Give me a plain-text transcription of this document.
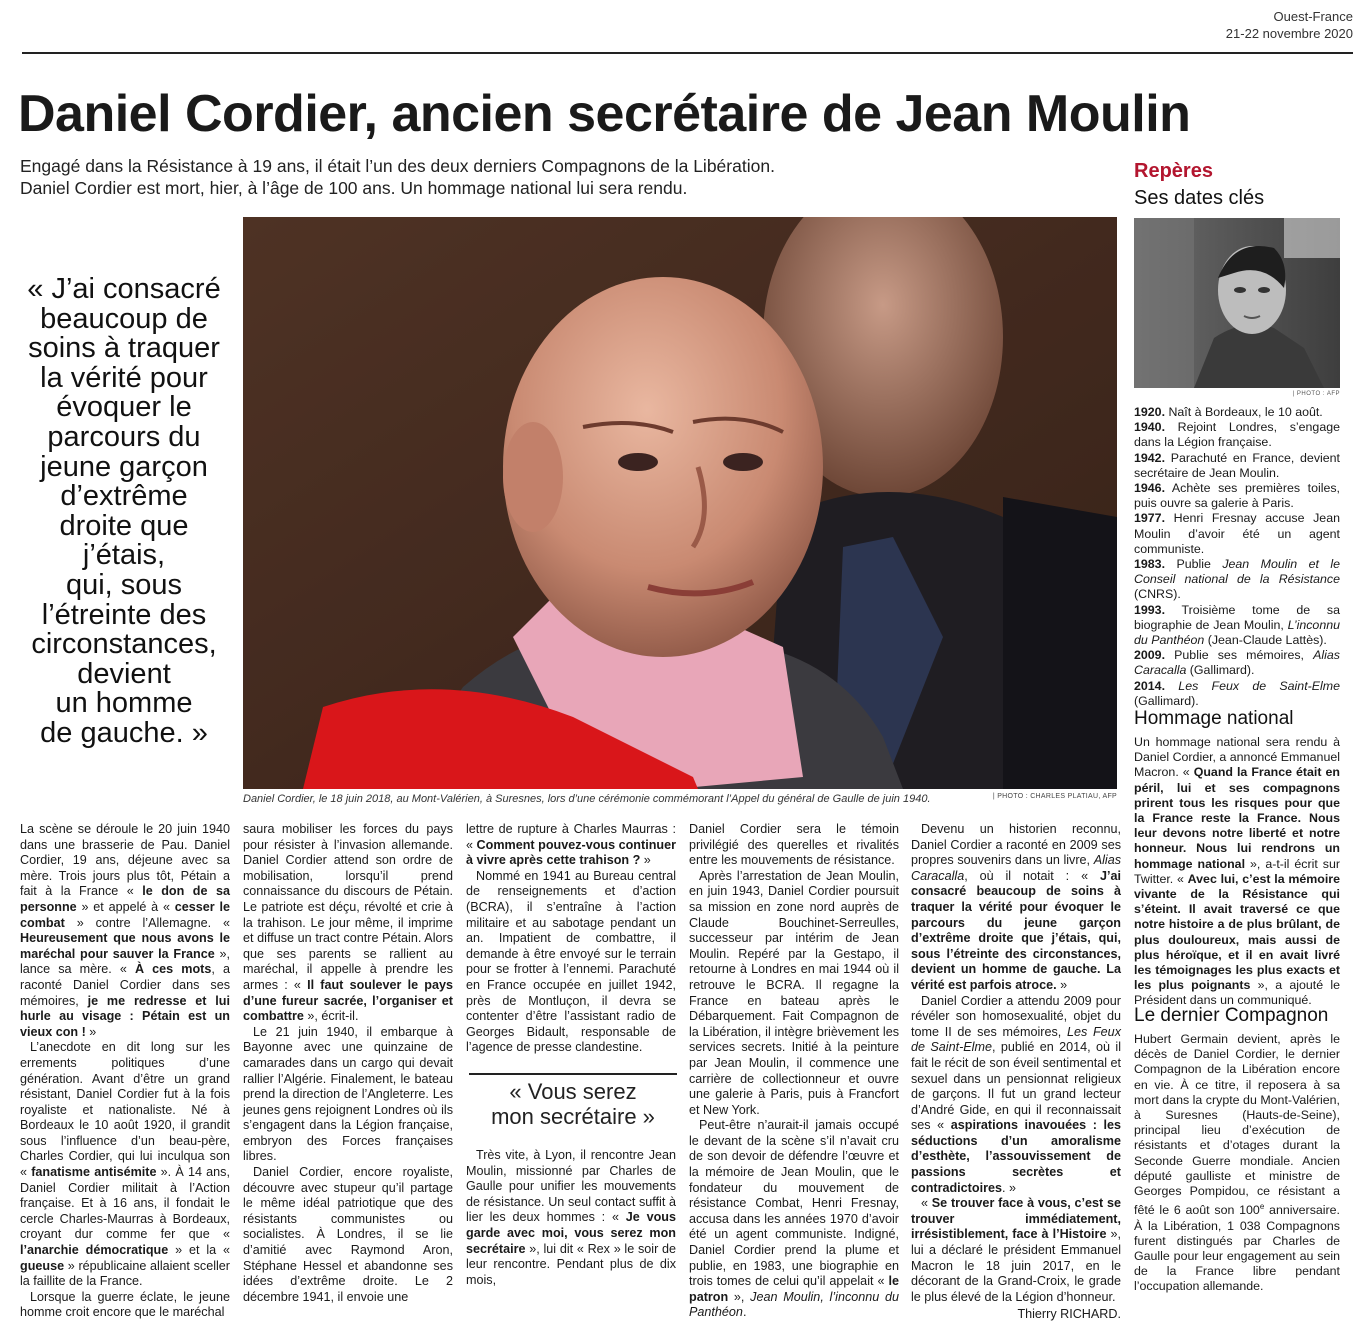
Ouest-France
21-22 novembre 2020
Daniel Cordier, ancien secrétaire de Jean Moulin
Engagé dans la Résistance à 19 ans, il était l’un des deux derniers Compagnons de la Libération.
Daniel Cordier est mort, hier, à l’âge de 100 ans. Un hommage national lui sera rendu.
« J’ai consacré
beaucoup de
soins à traquer
la vérité pour
évoquer le
parcours du
jeune garçon
d’extrême
droite que
j’étais,
qui, sous
l’étreinte des
circonstances,
devient
un homme
de gauche. »
Daniel Cordier, le 18 juin 2018, au Mont-Valérien, à Suresnes, lors d’une cérémonie commémorant l’Appel du général de Gaulle de juin 1940.	| PHOTO : CHARLES PLATIAU, AFP

La scène se déroule le 20 juin 1940 dans une brasserie de Pau. Daniel Cordier, 19 ans, déjeune avec sa mère. Trois jours plus tôt, Pétain a fait à la France « le don de sa personne » et appelé à « cesser le combat » contre l’Allemagne. « Heureusement que nous avons le maréchal pour sauver la France », lance sa mère. « À ces mots, a raconté Daniel Cordier dans ses mémoires, je me redresse et lui hurle au visage : Pétain est un vieux con ! »

L’anecdote en dit long sur les errements politiques d’une génération. Avant d’être un grand résistant, Daniel Cordier fut à la fois royaliste et nationaliste. Né à Bordeaux le 10 août 1920, il grandit sous l’influence d’un beau-père, Charles Cordier, qui lui inculqua son « fanatisme antisémite ». À 14 ans, Daniel Cordier militait à l’Action française. Et à 16 ans, il fondait le cercle Charles-Maurras à Bordeaux, croyant dur comme fer que « l’anarchie démocratique » et la « gueuse » républicaine allaient sceller la faillite de la France.

Lorsque la guerre éclate, le jeune homme croit encore que le maréchal

saura mobiliser les forces du pays pour résister à l’invasion allemande. Daniel Cordier attend son ordre de mobilisation, lorsqu’il prend connaissance du discours de Pétain. Le patriote est déçu, révolté et crie à la trahison. Le jour même, il imprime et diffuse un tract contre Pétain. Alors que ses parents se rallient au maréchal, il appelle à prendre les armes : « Il faut soulever le pays d’une fureur sacrée, l’organiser et combattre », écrit-il.

Le 21 juin 1940, il embarque à Bayonne avec une quinzaine de camarades dans un cargo qui devait rallier l’Algérie. Finalement, le bateau prend la direction de l’Angleterre. Les jeunes gens rejoignent Londres où ils s’engagent dans la Légion française, embryon des Forces françaises libres.

Daniel Cordier, encore royaliste, découvre avec stupeur qu’il partage le même idéal patriotique que des résistants communistes ou socialistes. À Londres, il se lie d’amitié avec Raymond Aron, Stéphane Hessel et abandonne ses idées d’extrême droite. Le 2 décembre 1941, il envoie une

lettre de rupture à Charles Maurras : « Comment pouvez-vous continuer à vivre après cette trahison ? »

Nommé en 1941 au Bureau central de renseignements et d’action (BCRA), il s’entraîne à l’action militaire et au sabotage pendant un an. Impatient de combattre, il demande à être envoyé sur le terrain pour se frotter à l’ennemi. Parachuté en France occupée en juillet 1942, près de Montluçon, il devra se contenter d’être l’assistant radio de Georges Bidault, responsable de l’agence de presse clandestine.

« Vous serez
mon secrétaire »

Très vite, à Lyon, il rencontre Jean Moulin, missionné par Charles de Gaulle pour unifier les mouvements de résistance. Un seul contact suffit à lier les deux hommes : « Je vous garde avec moi, vous serez mon secrétaire », lui dit « Rex » le soir de leur rencontre. Pendant plus de dix mois,

Daniel Cordier sera le témoin privilégié des querelles et rivalités entre les mouvements de résistance.

Après l’arrestation de Jean Moulin, en juin 1943, Daniel Cordier poursuit sa mission en zone nord auprès de Claude Bouchinet-Serreulles, successeur par intérim de Jean Moulin. Repéré par la Gestapo, il retourne à Londres en mai 1944 où il retrouve le BCRA. Il regagne la France en bateau après le Débarquement. Fait Compagnon de la Libération, il intègre brièvement les services secrets. Initié à la peinture par Jean Moulin, il commence une carrière de collectionneur et ouvre une galerie à Paris, puis à Francfort et New York.

Peut-être n’aurait-il jamais occupé le devant de la scène s’il n’avait cru de son devoir de défendre l’œuvre et la mémoire de Jean Moulin, que le fondateur du mouvement de résistance Combat, Henri Fresnay, accusa dans les années 1970 d’avoir été un agent communiste. Indigné, Daniel Cordier prend la plume et publie, en 1983, une biographie en trois tomes de celui qu’il appelait « le patron », Jean Moulin, l’inconnu du Panthéon.

Devenu un historien reconnu, Daniel Cordier a raconté en 2009 ses propres souvenirs dans un livre, Alias Caracalla, où il notait : « J’ai consacré beaucoup de soins à traquer la vérité pour évoquer le parcours du jeune garçon d’extrême droite que j’étais, qui, sous l’étreinte des circonstances, devient un homme de gauche. La vérité est parfois atroce. »

Daniel Cordier a attendu 2009 pour révéler son homosexualité, objet du tome II de ses mémoires, Les Feux de Saint-Elme, publié en 2014, où il fait le récit de son éveil sentimental et sexuel dans un pensionnat religieux de garçons. Il fut un grand lecteur d’André Gide, en qui il reconnaissait ses « aspirations inavouées : les séductions d’un amoralisme d’esthète, l’assouvissement de passions secrètes et contradictoires. »

« Se trouver face à vous, c’est se trouver immédiatement, irrésistiblement, face à l’Histoire », lui a déclaré le président Emmanuel Macron le 18 juin 2017, en le décorant de la Grand-Croix, le grade le plus élevé de la Légion d’honneur.

Thierry RICHARD.
Repères
Ses dates clés
| PHOTO : AFP

1920. Naît à Bordeaux, le 10 août.

1940. Rejoint Londres, s’engage dans la Légion française.

1942. Parachuté en France, devient secrétaire de Jean Moulin.

1946. Achète ses premières toiles, puis ouvre sa galerie à Paris.

1977. Henri Fresnay accuse Jean Moulin d’avoir été un agent communiste.

1983. Publie Jean Moulin et le Conseil national de la Résistance (CNRS).

1993. Troisième tome de sa biographie de Jean Moulin, L’inconnu du Panthéon (Jean-Claude Lattès).

2009. Publie ses mémoires, Alias Caracalla (Gallimard).

2014. Les Feux de Saint-Elme (Gallimard).

Hommage national

Un hommage national sera rendu à Daniel Cordier, a annoncé Emmanuel Macron. « Quand la France était en péril, lui et ses compagnons prirent tous les risques pour que la France reste la France. Nous leur devons notre liberté et notre honneur. Nous lui rendrons un hommage national », a-t-il écrit sur Twitter. « Avec lui, c’est la mémoire vivante de la Résistance qui s’éteint. Il avait traversé ce que notre histoire a de plus brûlant, de plus douloureux, mais aussi de plus héroïque, et il en avait livré les témoignages les plus exacts et les plus poignants », a ajouté le Président dans un communiqué.

Le dernier Compagnon

Hubert Germain devient, après le décès de Daniel Cordier, le dernier Compagnon de la Libération encore en vie. À ce titre, il reposera à sa mort dans la crypte du Mont-Valérien, à Suresnes (Hauts-de-Seine), principal lieu d’exécution de résistants et d’otages durant la Seconde Guerre mondiale. Ancien député gaulliste et ministre de Georges Pompidou, ce résistant a fêté le 6 août son 100e anniversaire. À la Libération, 1 038 Compagnons furent distingués par Charles de Gaulle pour leur engagement au sein de la France libre pendant l’occupation allemande.
